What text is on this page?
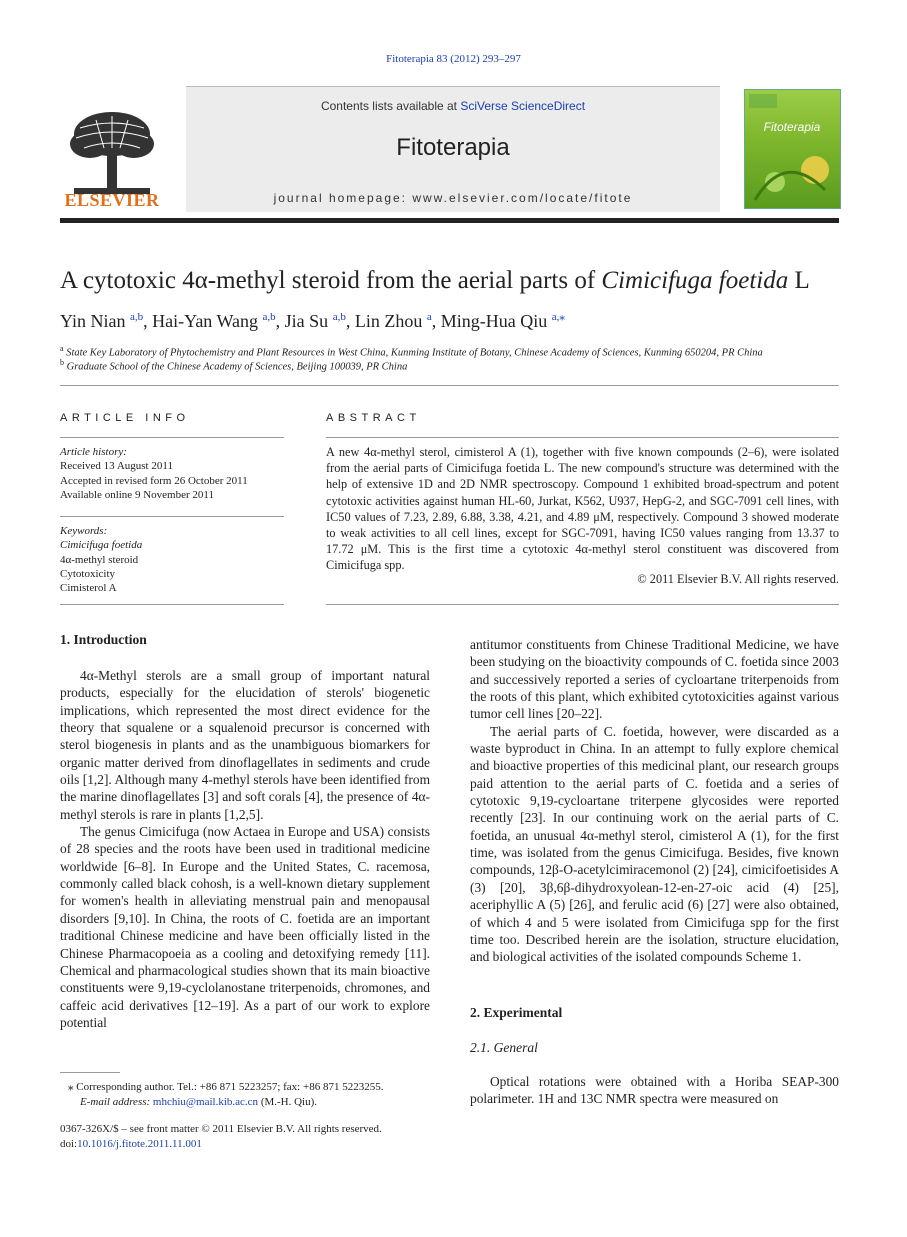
Fitoterapia 83 (2012) 293–297
ELSEVIER
Contents lists available at SciVerse ScienceDirect
Fitoterapia
journal homepage: www.elsevier.com/locate/fitote
Fitoterapia
A cytotoxic 4α-methyl steroid from the aerial parts of Cimicifuga foetida L
Yin Nian $^{a,b}$, Hai-Yan Wang $^{a,b}$, Jia Su $^{a,b}$, Lin Zhou $^a$, Ming-Hua Qiu $^{a,⁎}$
$^a$ State Key Laboratory of Phytochemistry and Plant Resources in West China, Kunming Institute of Botany, Chinese Academy of Sciences, Kunming 650204, PR China
$^b$ Graduate School of the Chinese Academy of Sciences, Beijing 100039, PR China
ARTICLE INFO
Article history:
Received 13 August 2011
Accepted in revised form 26 October 2011
Available online 9 November 2011
Keywords:
Cimicifuga foetida
4α-methyl steroid
Cytotoxicity
Cimisterol A
ABSTRACT
A new 4α-methyl sterol, cimisterol A (1), together with five known compounds (2–6), were isolated from the aerial parts of Cimicifuga foetida L. The new compound's structure was determined with the help of extensive 1D and 2D NMR spectroscopy. Compound 1 exhibited broad-spectrum and potent cytotoxic activities against human HL-60, Jurkat, K562, U937, HepG-2, and SGC-7091 cell lines, with IC50 values of 7.23, 2.89, 6.88, 3.38, 4.21, and 4.89 μM, respectively. Compound 3 showed moderate to weak activities to all cell lines, except for SGC-7091, having IC50 values ranging from 13.37 to 17.72 μM. This is the first time a cytotoxic 4α-methyl sterol constituent was discovered from Cimicifuga spp.
© 2011 Elsevier B.V. All rights reserved.
1. Introduction

4α-Methyl sterols are a small group of important natural products, especially for the elucidation of sterols' biogenetic implications, which represented the most direct evidence for the theory that squalene or a squalenoid precursor is concerned with sterol biogenesis in plants and as the unambiguous biomarkers for organic matter derived from dinoflagellates in sediments and crude oils [1,2]. Although many 4-methyl sterols have been identified from the marine dinoflagellates [3] and soft corals [4], the presence of 4α-methyl sterols is rare in plants [1,2,5].

The genus Cimicifuga (now Actaea in Europe and USA) consists of 28 species and the roots have been used in traditional medicine worldwide [6–8]. In Europe and the United States, C. racemosa, commonly called black cohosh, is a well-known dietary supplement for women's health in alleviating menstrual pain and menopausal disorders [9,10]. In China, the roots of C. foetida are an important traditional Chinese medicine and have been officially listed in the Chinese Pharmacopoeia as a cooling and detoxifying remedy [11]. Chemical and pharmacological studies shown that its main bioactive constituents were 9,19-cyclolanostane triterpenoids, chromones, and caffeic acid derivatives [12–19]. As a part of our work to explore potential

antitumor constituents from Chinese Traditional Medicine, we have been studying on the bioactivity compounds of C. foetida since 2003 and successively reported a series of cycloartane triterpenoids from the roots of this plant, which exhibited cytotoxicities against various tumor cell lines [20–22].

The aerial parts of C. foetida, however, were discarded as a waste byproduct in China. In an attempt to fully explore chemical and bioactive properties of this medicinal plant, our research groups paid attention to the aerial parts of C. foetida and a series of cytotoxic 9,19-cycloartane triterpene glycosides were reported recently [23]. In our continuing work on the aerial parts of C. foetida, an unusual 4α-methyl sterol, cimisterol A (1), for the first time, was isolated from the genus Cimicifuga. Besides, five known compounds, 12β-O-acetylcimiracemonol (2) [24], cimicifoetisides A (3) [20], 3β,6β-dihydroxyolean-12-en-27-oic acid (4) [25], aceriphyllic A (5) [26], and ferulic acid (6) [27] were also obtained, of which 4 and 5 were isolated from Cimicifuga spp for the first time too. Described herein are the isolation, structure elucidation, and biological activities of the isolated compounds Scheme 1.

2. Experimental
2.1. General

Optical rotations were obtained with a Horiba SEAP-300 polarimeter. 1H and 13C NMR spectra were measured on

⁎ Corresponding author. Tel.: +86 871 5223257; fax: +86 871 5223255.
E-mail address: mhchiu@mail.kib.ac.cn (M.-H. Qiu).
0367-326X/$ – see front matter © 2011 Elsevier B.V. All rights reserved.
doi:10.1016/j.fitote.2011.11.001
